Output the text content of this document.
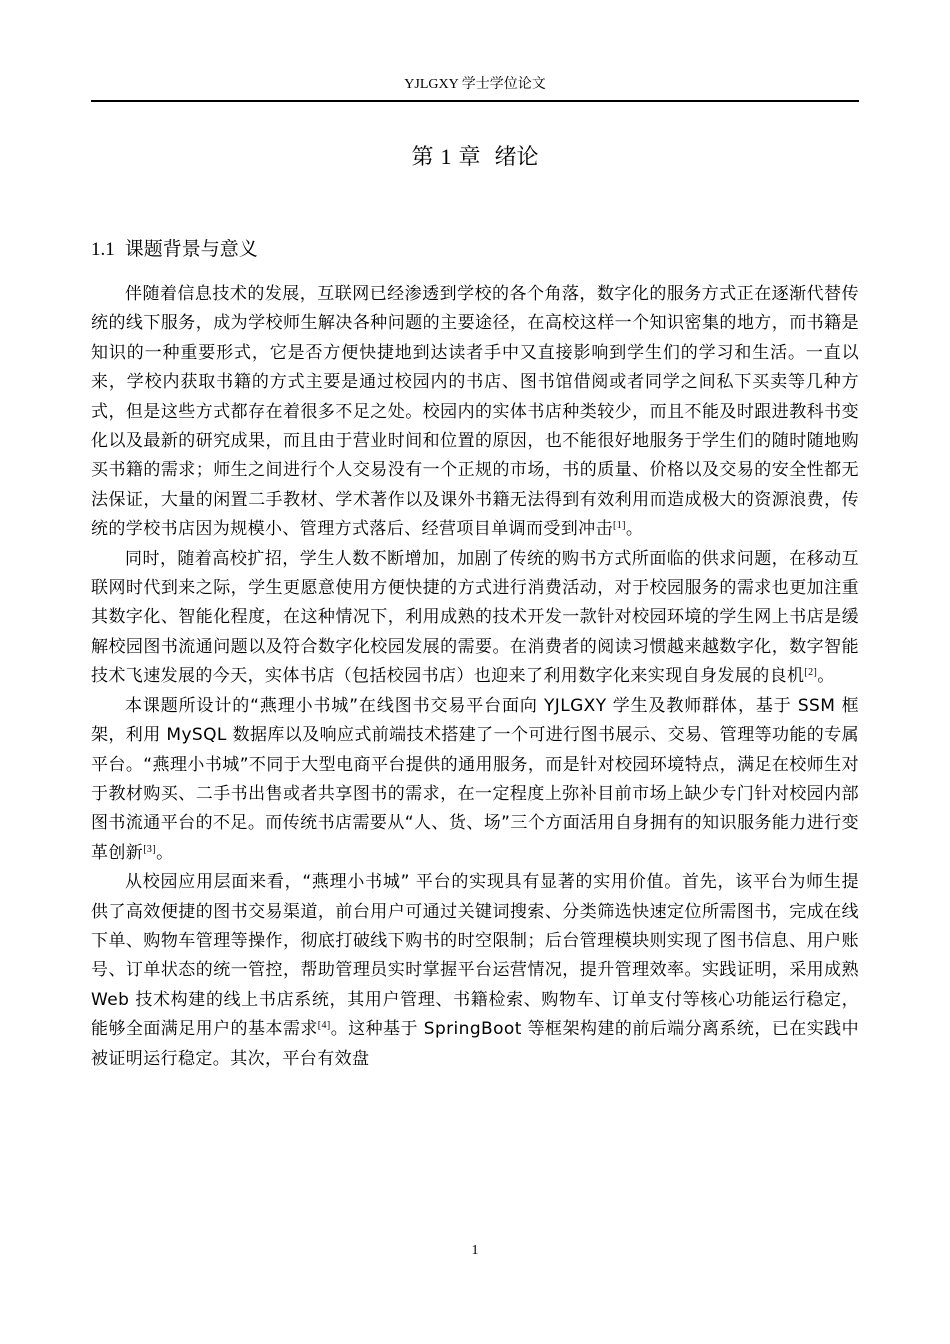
YJLGXY 学士学位论文
第 1 章 绪论
1.1 课题背景与意义

伴随着信息技术的发展，互联网已经渗透到学校的各个角落，数字化的服务方式正在逐渐代替传统的线下服务，成为学校师生解决各种问题的主要途径，在高校这样一个知识密集的地方，而书籍是知识的一种重要形式，它是否方便快捷地到达读者手中又直接影响到学生们的学习和生活。一直以来，学校内获取书籍的方式主要是通过校园内的书店、图书馆借阅或者同学之间私下买卖等几种方式，但是这些方式都存在着很多不足之处。校园内的实体书店种类较少，而且不能及时跟进教科书变化以及最新的研究成果，而且由于营业时间和位置的原因，也不能很好地服务于学生们的随时随地购买书籍的需求；师生之间进行个人交易没有一个正规的市场，书的质量、价格以及交易的安全性都无法保证，大量的闲置二手教材、学术著作以及课外书籍无法得到有效利用而造成极大的资源浪费，传统的学校书店因为规模小、管理方式落后、经营项目单调而受到冲击[1]。

同时，随着高校扩招，学生人数不断增加，加剧了传统的购书方式所面临的供求问题，在移动互联网时代到来之际，学生更愿意使用方便快捷的方式进行消费活动，对于校园服务的需求也更加注重其数字化、智能化程度，在这种情况下，利用成熟的技术开发一款针对校园环境的学生网上书店是缓解校园图书流通问题以及符合数字化校园发展的需要。在消费者的阅读习惯越来越数字化，数字智能技术飞速发展的今天，实体书店（包括校园书店）也迎来了利用数字化来实现自身发展的良机[2]。

本课题所设计的“燕理小书城”在线图书交易平台面向 YJLGXY 学生及教师群体，基于 SSM 框架，利用 MySQL 数据库以及响应式前端技术搭建了一个可进行图书展示、交易、管理等功能的专属平台。“燕理小书城”不同于大型电商平台提供的通用服务，而是针对校园环境特点，满足在校师生对于教材购买、二手书出售或者共享图书的需求，在一定程度上弥补目前市场上缺少专门针对校园内部图书流通平台的不足。而传统书店需要从“人、货、场”三个方面活用自身拥有的知识服务能力进行变革创新[3]。

从校园应用层面来看，“燕理小书城” 平台的实现具有显著的实用价值。首先，该平台为师生提供了高效便捷的图书交易渠道，前台用户可通过关键词搜索、分类筛选快速定位所需图书，完成在线下单、购物车管理等操作，彻底打破线下购书的时空限制；后台管理模块则实现了图书信息、用户账号、订单状态的统一管控，帮助管理员实时掌握平台运营情况，提升管理效率。实践证明，采用成熟 Web 技术构建的线上书店系统，其用户管理、书籍检索、购物车、订单支付等核心功能运行稳定，能够全面满足用户的基本需求[4]。这种基于 SpringBoot 等框架构建的前后端分离系统，已在实践中被证明运行稳定。其次，平台有效盘

1
